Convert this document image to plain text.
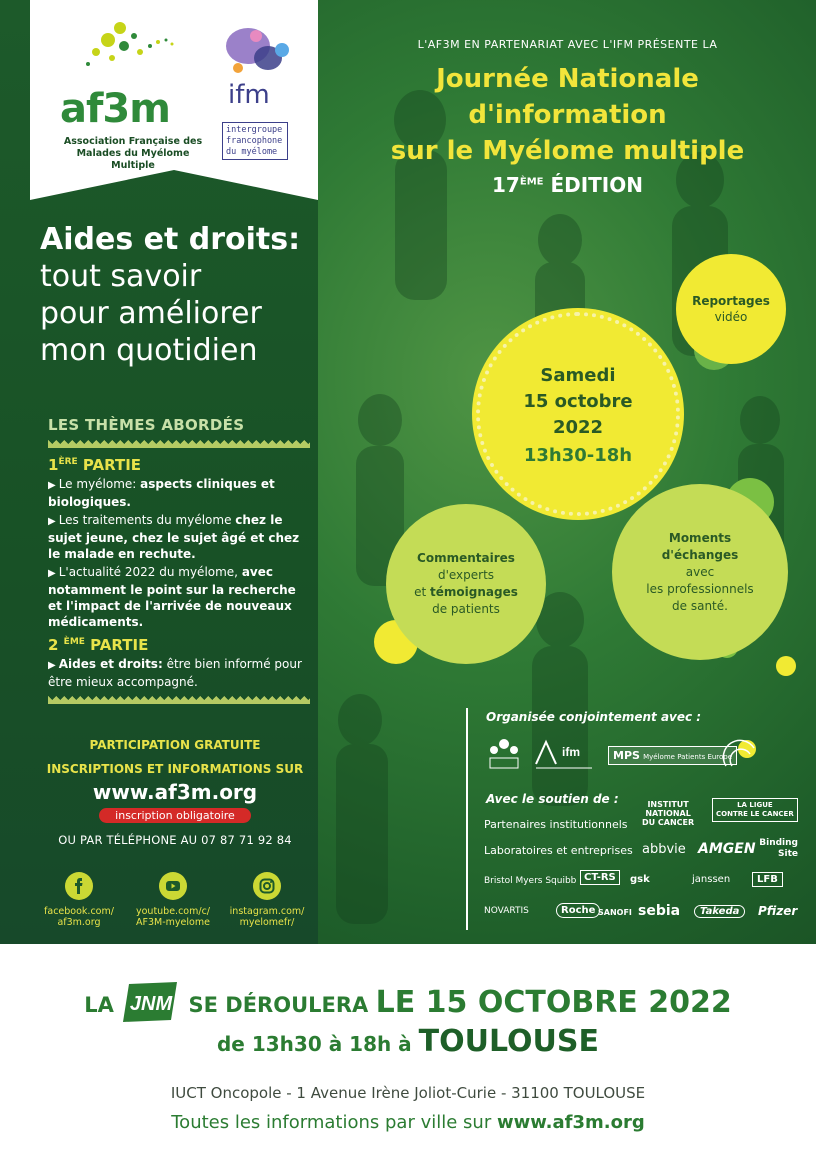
af3m
Association Française des Malades du Myélome Multiple
ifm
intergroupe
francophone
du myélome
Aides et droits:
tout savoir
pour améliorer
mon quotidien
LES THÈMES ABORDÉS
1ÈRE PARTIE
▶ Le myélome: aspects cliniques et biologiques.
▶ Les traitements du myélome chez le sujet jeune, chez le sujet âgé et chez le malade en rechute.
▶ L'actualité 2022 du myélome, avec notamment le point sur la recherche et l'impact de l'arrivée de nouveaux médicaments.
2 $^{ÈME}$ PARTIE
▶ Aides et droits: être bien informé pour être mieux accompagné.
PARTICIPATION GRATUITE
INSCRIPTIONS ET INFORMATIONS SUR
www.af3m.org
inscription obligatoire
OU PAR TÉLÉPHONE AU 07 87 71 92 84
facebook.com/
af3m.org
youtube.com/c/
AF3M-myelome
instagram.com/
myelomefr/
L'AF3M EN PARTENARIAT AVEC L'IFM PRÉSENTE LA
Journée Nationale
d'information
sur le Myélome multiple
17ÈME ÉDITION
Reportages
vidéo
Samedi
15 octobre
2022
13h30-18h
Commentaires
d'experts
et témoignages
de patients
Moments
d'échanges
avec
les professionnels
de santé.
Organisée conjointement avec :
ifm	MPS Myélome Patients Europe
Avec le soutien de :
Partenaires institutionnels
INSTITUT
NATIONAL
DU CANCER
LA LIGUE
CONTRE LE CANCER
Laboratoires et entreprises abbvie AMGEN Binding Site
Bristol Myers Squibb CT-RS	gsk	janssen	LFB
NOVARTIS	Roche SANOFI sebia	Takeda	Pfizer
LA JNM SE DÉROULERA LE 15 OCTOBRE 2022
de 13h30 à 18h à TOULOUSE
IUCT Oncopole - 1 Avenue Irène Joliot-Curie - 31100 TOULOUSE
Toutes les informations par ville sur www.af3m.org
